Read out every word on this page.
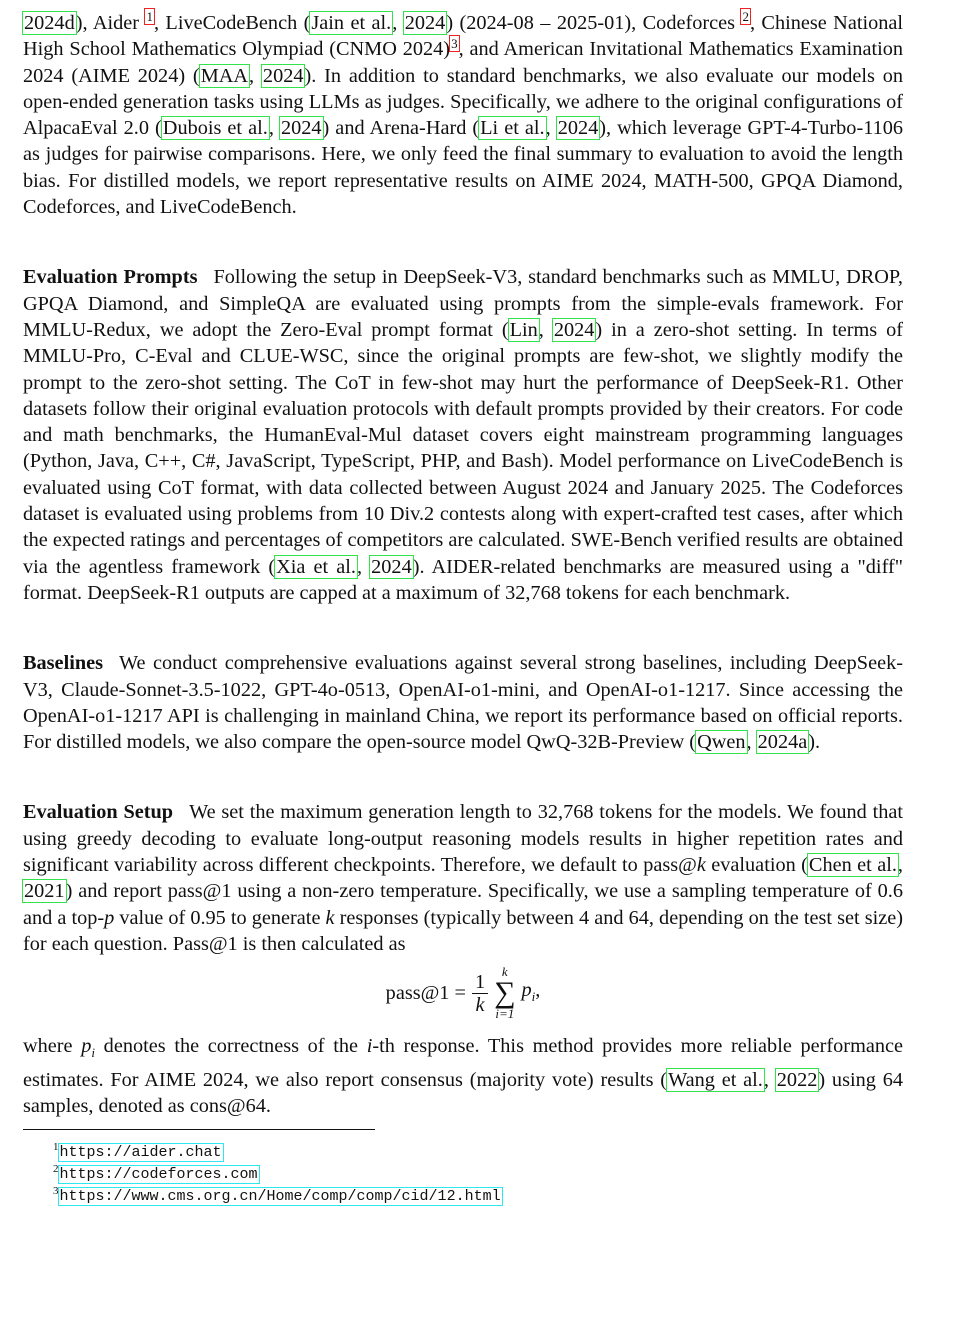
2024d), Aider $^1$, LiveCodeBench (Jain et al., 2024) (2024-08 – 2025-01), Codeforces $^2$, Chinese National High School Mathematics Olympiad (CNMO 2024)$^3$, and American Invitational Mathematics Examination 2024 (AIME 2024) (MAA, 2024). In addition to standard benchmarks, we also evaluate our models on open-ended generation tasks using LLMs as judges. Specifically, we adhere to the original configurations of AlpacaEval 2.0 (Dubois et al., 2024) and Arena-Hard (Li et al., 2024), which leverage GPT-4-Turbo-1106 as judges for pairwise comparisons. Here, we only feed the final summary to evaluation to avoid the length bias. For distilled models, we report representative results on AIME 2024, MATH-500, GPQA Diamond, Codeforces, and LiveCodeBench.

Evaluation Prompts Following the setup in DeepSeek-V3, standard benchmarks such as MMLU, DROP, GPQA Diamond, and SimpleQA are evaluated using prompts from the simple-evals framework. For MMLU-Redux, we adopt the Zero-Eval prompt format (Lin, 2024) in a zero-shot setting. In terms of MMLU-Pro, C-Eval and CLUE-WSC, since the original prompts are few-shot, we slightly modify the prompt to the zero-shot setting. The CoT in few-shot may hurt the performance of DeepSeek-R1. Other datasets follow their original evaluation protocols with default prompts provided by their creators. For code and math benchmarks, the HumanEval-Mul dataset covers eight mainstream programming languages (Python, Java, C++, C#, JavaScript, TypeScript, PHP, and Bash). Model performance on LiveCodeBench is evaluated using CoT format, with data collected between August 2024 and January 2025. The Codeforces dataset is evaluated using problems from 10 Div.2 contests along with expert-crafted test cases, after which the expected ratings and percentages of competitors are calculated. SWE-Bench verified results are obtained via the agentless framework (Xia et al., 2024). AIDER-related benchmarks are measured using a "diff" format. DeepSeek-R1 outputs are capped at a maximum of 32,768 tokens for each benchmark.

Baselines We conduct comprehensive evaluations against several strong baselines, including DeepSeek-V3, Claude-Sonnet-3.5-1022, GPT-4o-0513, OpenAI-o1-mini, and OpenAI-o1-1217. Since accessing the OpenAI-o1-1217 API is challenging in mainland China, we report its performance based on official reports. For distilled models, we also compare the open-source model QwQ-32B-Preview (Qwen, 2024a).

Evaluation Setup We set the maximum generation length to 32,768 tokens for the models. We found that using greedy decoding to evaluate long-output reasoning models results in higher repetition rates and significant variability across different checkpoints. Therefore, we default to pass@k evaluation (Chen et al., 2021) and report pass@1 using a non-zero temperature. Specifically, we use a sampling temperature of 0.6 and a top-p value of 0.95 to generate k responses (typically between 4 and 64, depending on the test set size) for each question. Pass@1 is then calculated as

pass@1 = $\frac{1}{k}$ k
∑
i=1
$p_i$,

where $p_i$ denotes the correctness of the i-th response. This method provides more reliable performance estimates. For AIME 2024, we also report consensus (majority vote) results (Wang et al., 2022) using 64 samples, denoted as cons@64.

$^1$https://aider.chat
$^2$https://codeforces.com
$^3$https://www.cms.org.cn/Home/comp/comp/cid/12.html
